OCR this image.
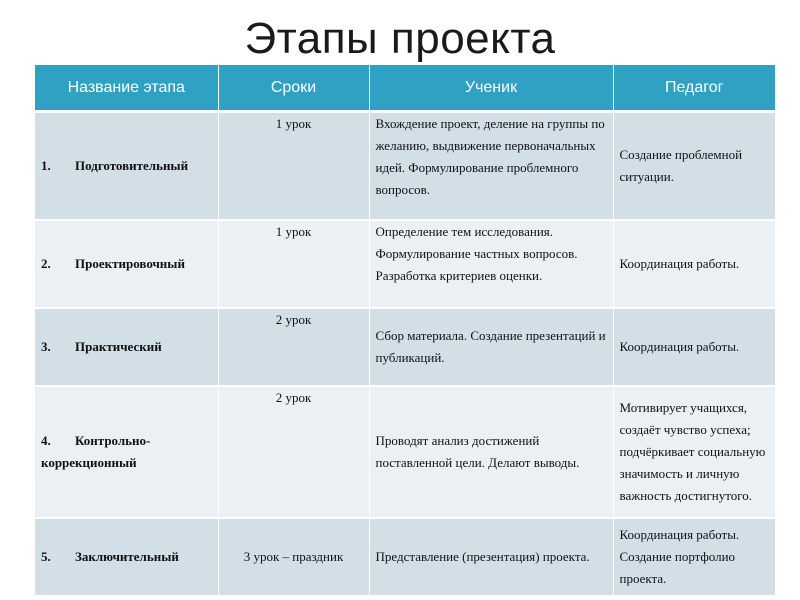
Этапы проекта
Название этапа	Сроки	Ученик	Педагог
1. Подготовительный	1 урок	Вхождение проект, деление на группы по желанию, выдвижение первоначальных идей. Формулирование проблемного вопросов.	Создание проблемной ситуации.
2. Проектировочный	1 урок	Определение тем исследования. Формулирование частных вопросов. Разработка критериев оценки.	Координация работы.
3. Практический	2 урок	Сбор материала. Создание презентаций и публикаций.	Координация работы.
4. Контрольно-коррекционный	2 урок	Проводят анализ достижений поставленной цели. Делают выводы.	Мотивирует учащихся, создаёт чувство успеха; подчёркивает социальную значимость и личную важность достигнутого.
5. Заключительный	3 урок – праздник	Представление (презентация) проекта.	Координация работы. Создание портфолио проекта.
